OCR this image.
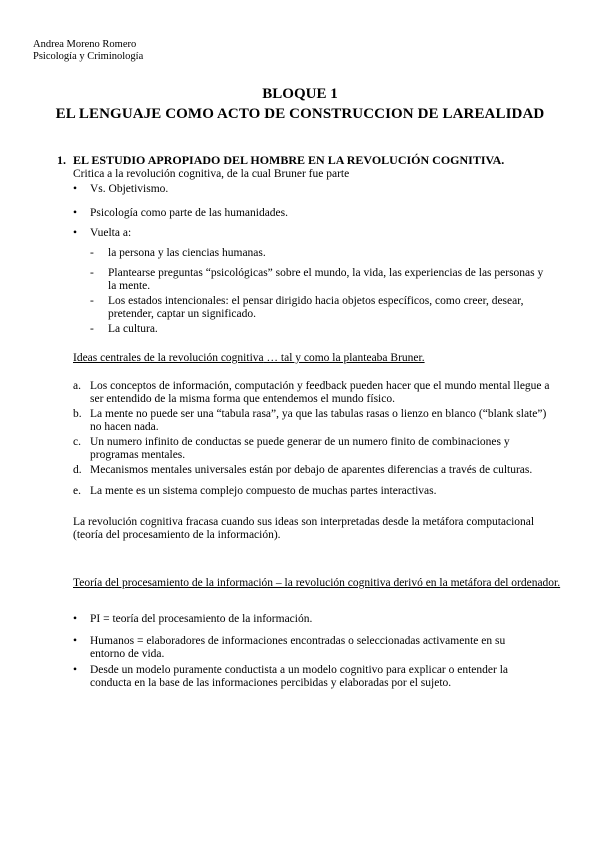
Andrea Moreno Romero
Psicología y Criminología
BLOQUE 1
EL LENGUAJE COMO ACTO DE CONSTRUCCION DE LAREALIDAD
1. EL ESTUDIO APROPIADO DEL HOMBRE EN LA REVOLUCIÓN COGNITIVA.
Critica a la revolución cognitiva, de la cual Bruner fue parte
• Vs. Objetivismo.
• Psicología como parte de las humanidades.
• Vuelta a:
- la persona y las ciencias humanas.
- Plantearse preguntas “psicológicas” sobre el mundo, la vida, las experiencias de las personas y la mente.
- Los estados intencionales: el pensar dirigido hacia objetos específicos, como creer, desear, pretender, captar un significado.
- La cultura.
Ideas centrales de la revolución cognitiva … tal y como la planteaba Bruner.
a. Los conceptos de información, computación y feedback pueden hacer que el mundo mental llegue a ser entendido de la misma forma que entendemos el mundo físico.
b. La mente no puede ser una “tabula rasa”, ya que las tabulas rasas o lienzo en blanco (“blank slate”) no hacen nada.
c. Un numero infinito de conductas se puede generar de un numero finito de combinaciones y programas mentales.
d. Mecanismos mentales universales están por debajo de aparentes diferencias a través de culturas.
e. La mente es un sistema complejo compuesto de muchas partes interactivas.
La revolución cognitiva fracasa cuando sus ideas son interpretadas desde la metáfora computacional (teoría del procesamiento de la información).
Teoría del procesamiento de la información – la revolución cognitiva derivó en la metáfora del ordenador.
• PI = teoría del procesamiento de la información.
• Humanos = elaboradores de informaciones encontradas o seleccionadas activamente en su entorno de vida.
• Desde un modelo puramente conductista a un modelo cognitivo para explicar o entender la conducta en la base de las informaciones percibidas y elaboradas por el sujeto.
